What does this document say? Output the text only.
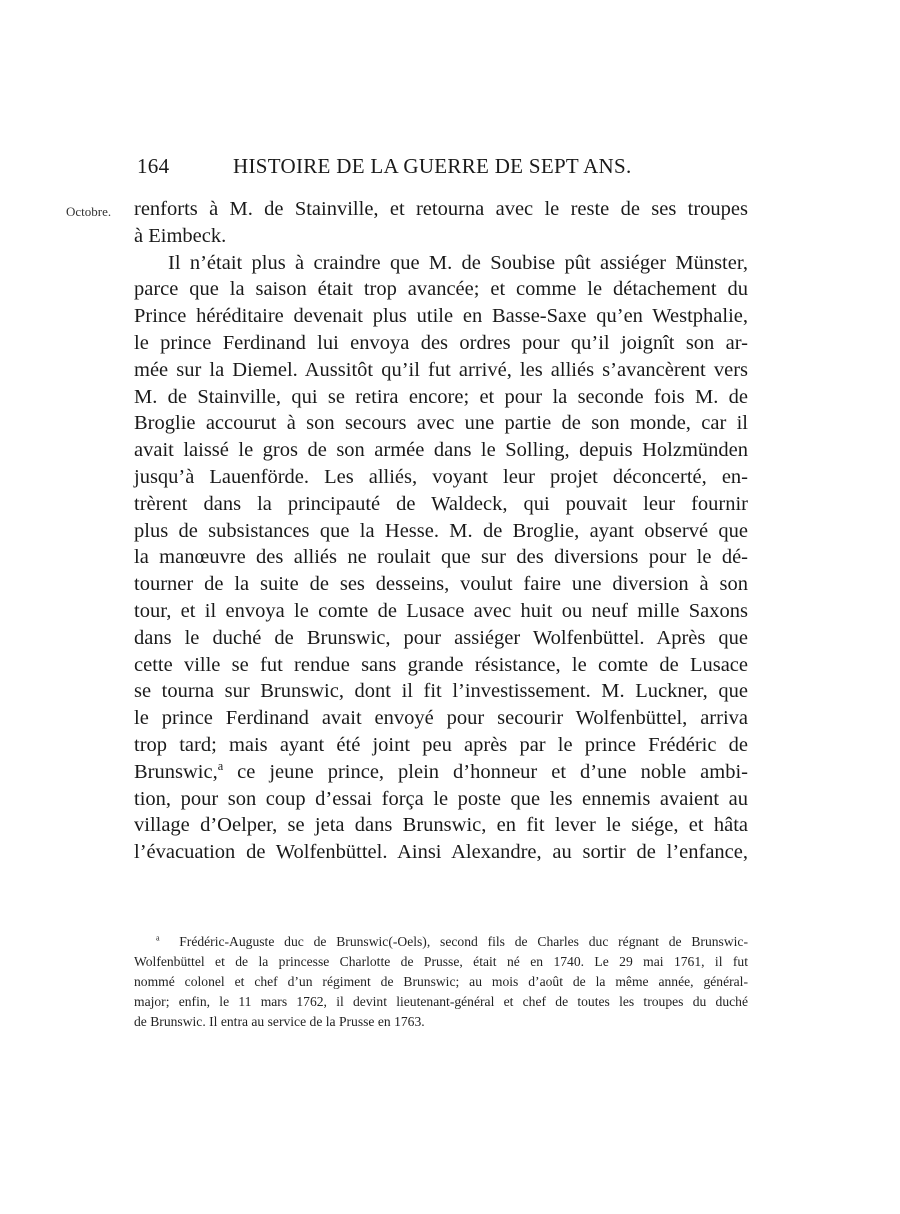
164	HISTOIRE DE LA GUERRE DE SEPT ANS.
Octobre. renforts à M. de Stainville, et retourna avec le reste de ses troupes
à Eimbeck.
Il n’était plus à craindre que M. de Soubise pût assiéger Münster,
parce que la saison était trop avancée; et comme le détachement du
Prince héréditaire devenait plus utile en Basse-Saxe qu’en Westphalie,
le prince Ferdinand lui envoya des ordres pour qu’il joignît son ar-
mée sur la Diemel. Aussitôt qu’il fut arrivé, les alliés s’avancèrent vers
M. de Stainville, qui se retira encore; et pour la seconde fois M. de
Broglie accourut à son secours avec une partie de son monde, car il
avait laissé le gros de son armée dans le Solling, depuis Holzmünden
jusqu’à Lauenförde. Les alliés, voyant leur projet déconcerté, en-
trèrent dans la principauté de Waldeck, qui pouvait leur fournir
plus de subsistances que la Hesse. M. de Broglie, ayant observé que
la manœuvre des alliés ne roulait que sur des diversions pour le dé-
tourner de la suite de ses desseins, voulut faire une diversion à son
tour, et il envoya le comte de Lusace avec huit ou neuf mille Saxons
dans le duché de Brunswic, pour assiéger Wolfenbüttel. Après que
cette ville se fut rendue sans grande résistance, le comte de Lusace
se tourna sur Brunswic, dont il fit l’investissement. M. Luckner, que
le prince Ferdinand avait envoyé pour secourir Wolfenbüttel, arriva
trop tard; mais ayant été joint peu après par le prince Frédéric de
Brunswic,$^a$ ce jeune prince, plein d’honneur et d’une noble ambi-
tion, pour son coup d’essai força le poste que les ennemis avaient au
village d’Oelper, se jeta dans Brunswic, en fit lever le siége, et hâta
l’évacuation de Wolfenbüttel. Ainsi Alexandre, au sortir de l’enfance,
$^a$ Frédéric-Auguste duc de Brunswic(-Oels), second fils de Charles duc régnant de Brunswic-
Wolfenbüttel et de la princesse Charlotte de Prusse, était né en 1740. Le 29 mai 1761, il fut
nommé colonel et chef d’un régiment de Brunswic; au mois d’août de la même année, général-
major; enfin, le 11 mars 1762, il devint lieutenant-général et chef de toutes les troupes du duché
de Brunswic. Il entra au service de la Prusse en 1763.
